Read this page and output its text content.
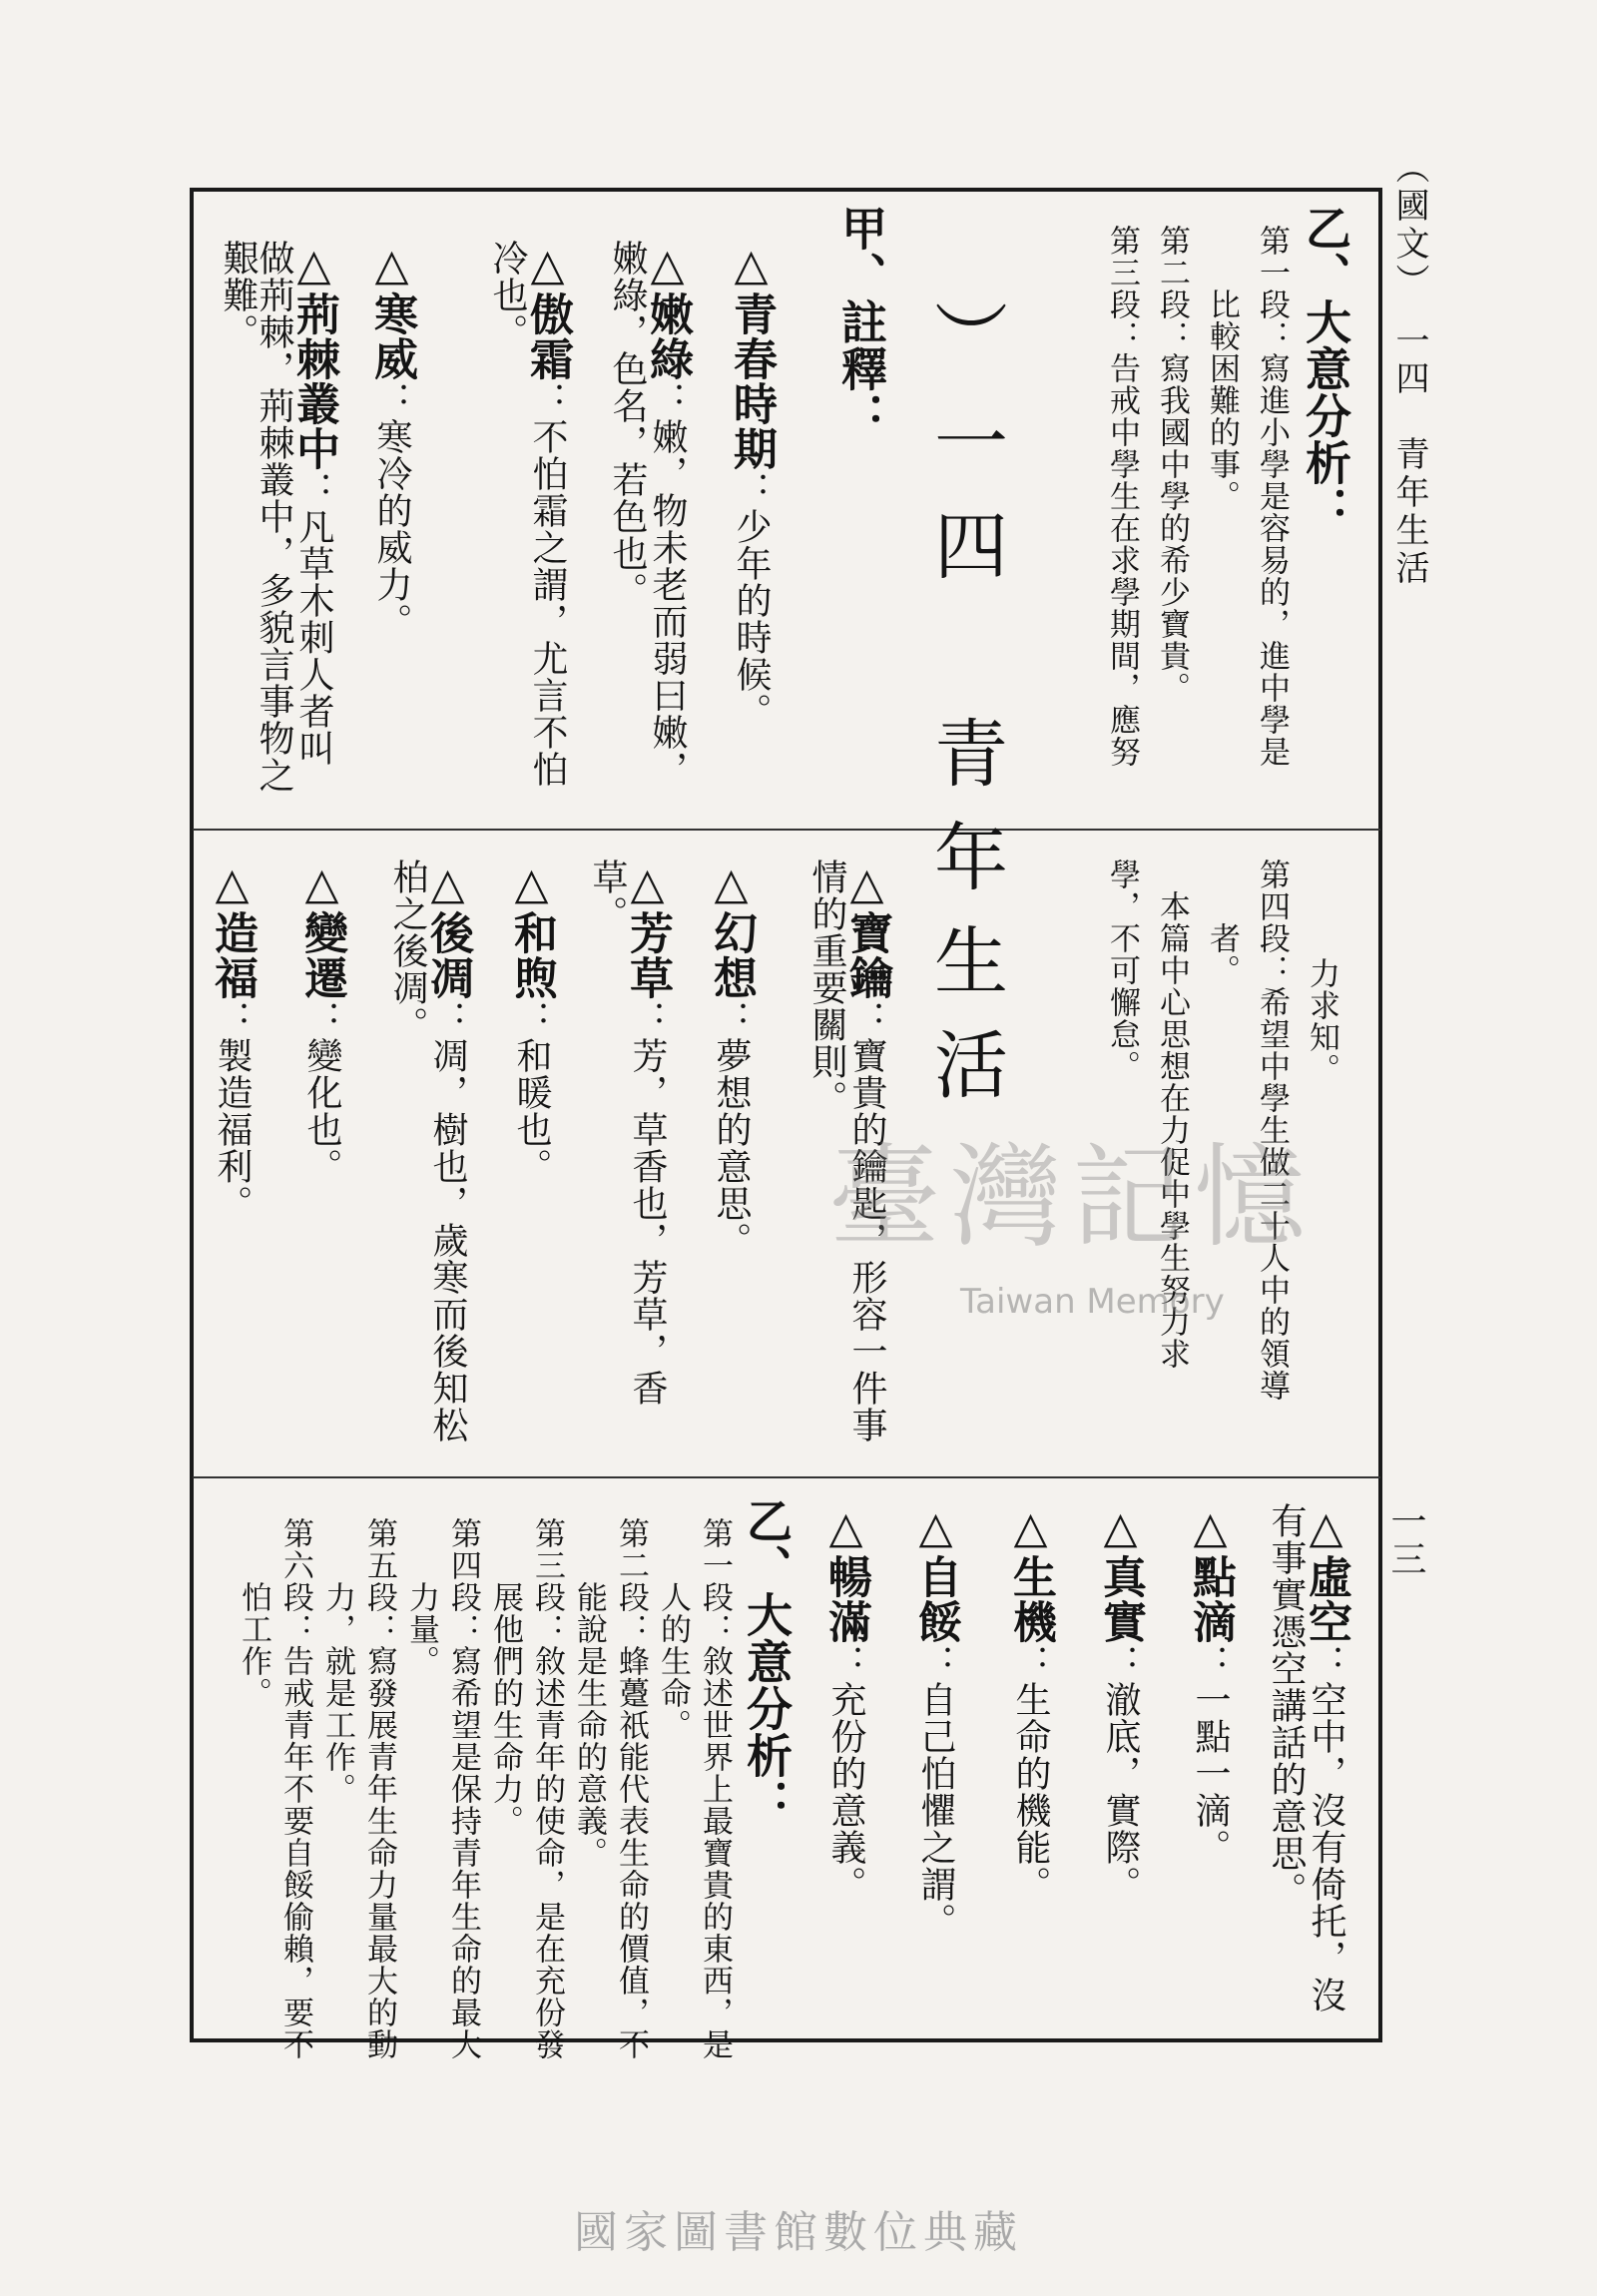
（國文）　一四　青年生活
一三
乙、大意分析：
第一段：寫進小學是容易的，進中學是
　　比較困難的事。
第二段：寫我國中學的希少寶貴。
第三段：告戒中學生在求學期間，應努
︶一四　青年生活
甲、註釋：
△青春時期：少年的時候。
△嫩綠：嫩，物未老而弱曰嫩，嫩綠，色名，若色也。
△傲霜：不怕霜之謂，尤言不怕冷也。
△寒威：寒冷的威力。
△荊棘叢中：凡草木刺人者叫做荊棘，荊棘叢中，多貌言事物之艱難。
　　力求知。
第四段：希望中學生做二十人中的領導
　　者。
　本篇中心思想在力促中學生努力求
學，不可懈怠。
△寶鑰：寶貴的鑰匙，形容一件事情的重要關則。
△幻想：夢想的意思。
△芳草：芳，草香也，芳草，香草。
△和煦：和暖也。
△後凋：凋，樹也，歲寒而後知松柏之後凋。
△變遷：變化也。
△造福：製造福利。
△虛空：空中，沒有倚托，沒有事實憑空講話的意思。
△點滴：一點一滴。
△真實：澈底，實際。
△生機：生命的機能。
△自餒：自己怕懼之謂。
△暢滿：充份的意義。
乙、大意分析：
第一段：敘述世界上最寶貴的東西，是
　　人的生命。
第二段：蜂躉祇能代表生命的價值，不
　　能說是生命的意義。
第三段：敘述青年的使命，是在充份發
　　展他們的生命力。
第四段：寫希望是保持青年生命的最大
　　力量。
第五段：寫發展青年生命力量最大的動
　　力，就是工作。
第六段：告戒青年不要自餒偷賴，要不
　　怕工作。
臺灣記憶
Taiwan Memory
國家圖書館數位典藏
